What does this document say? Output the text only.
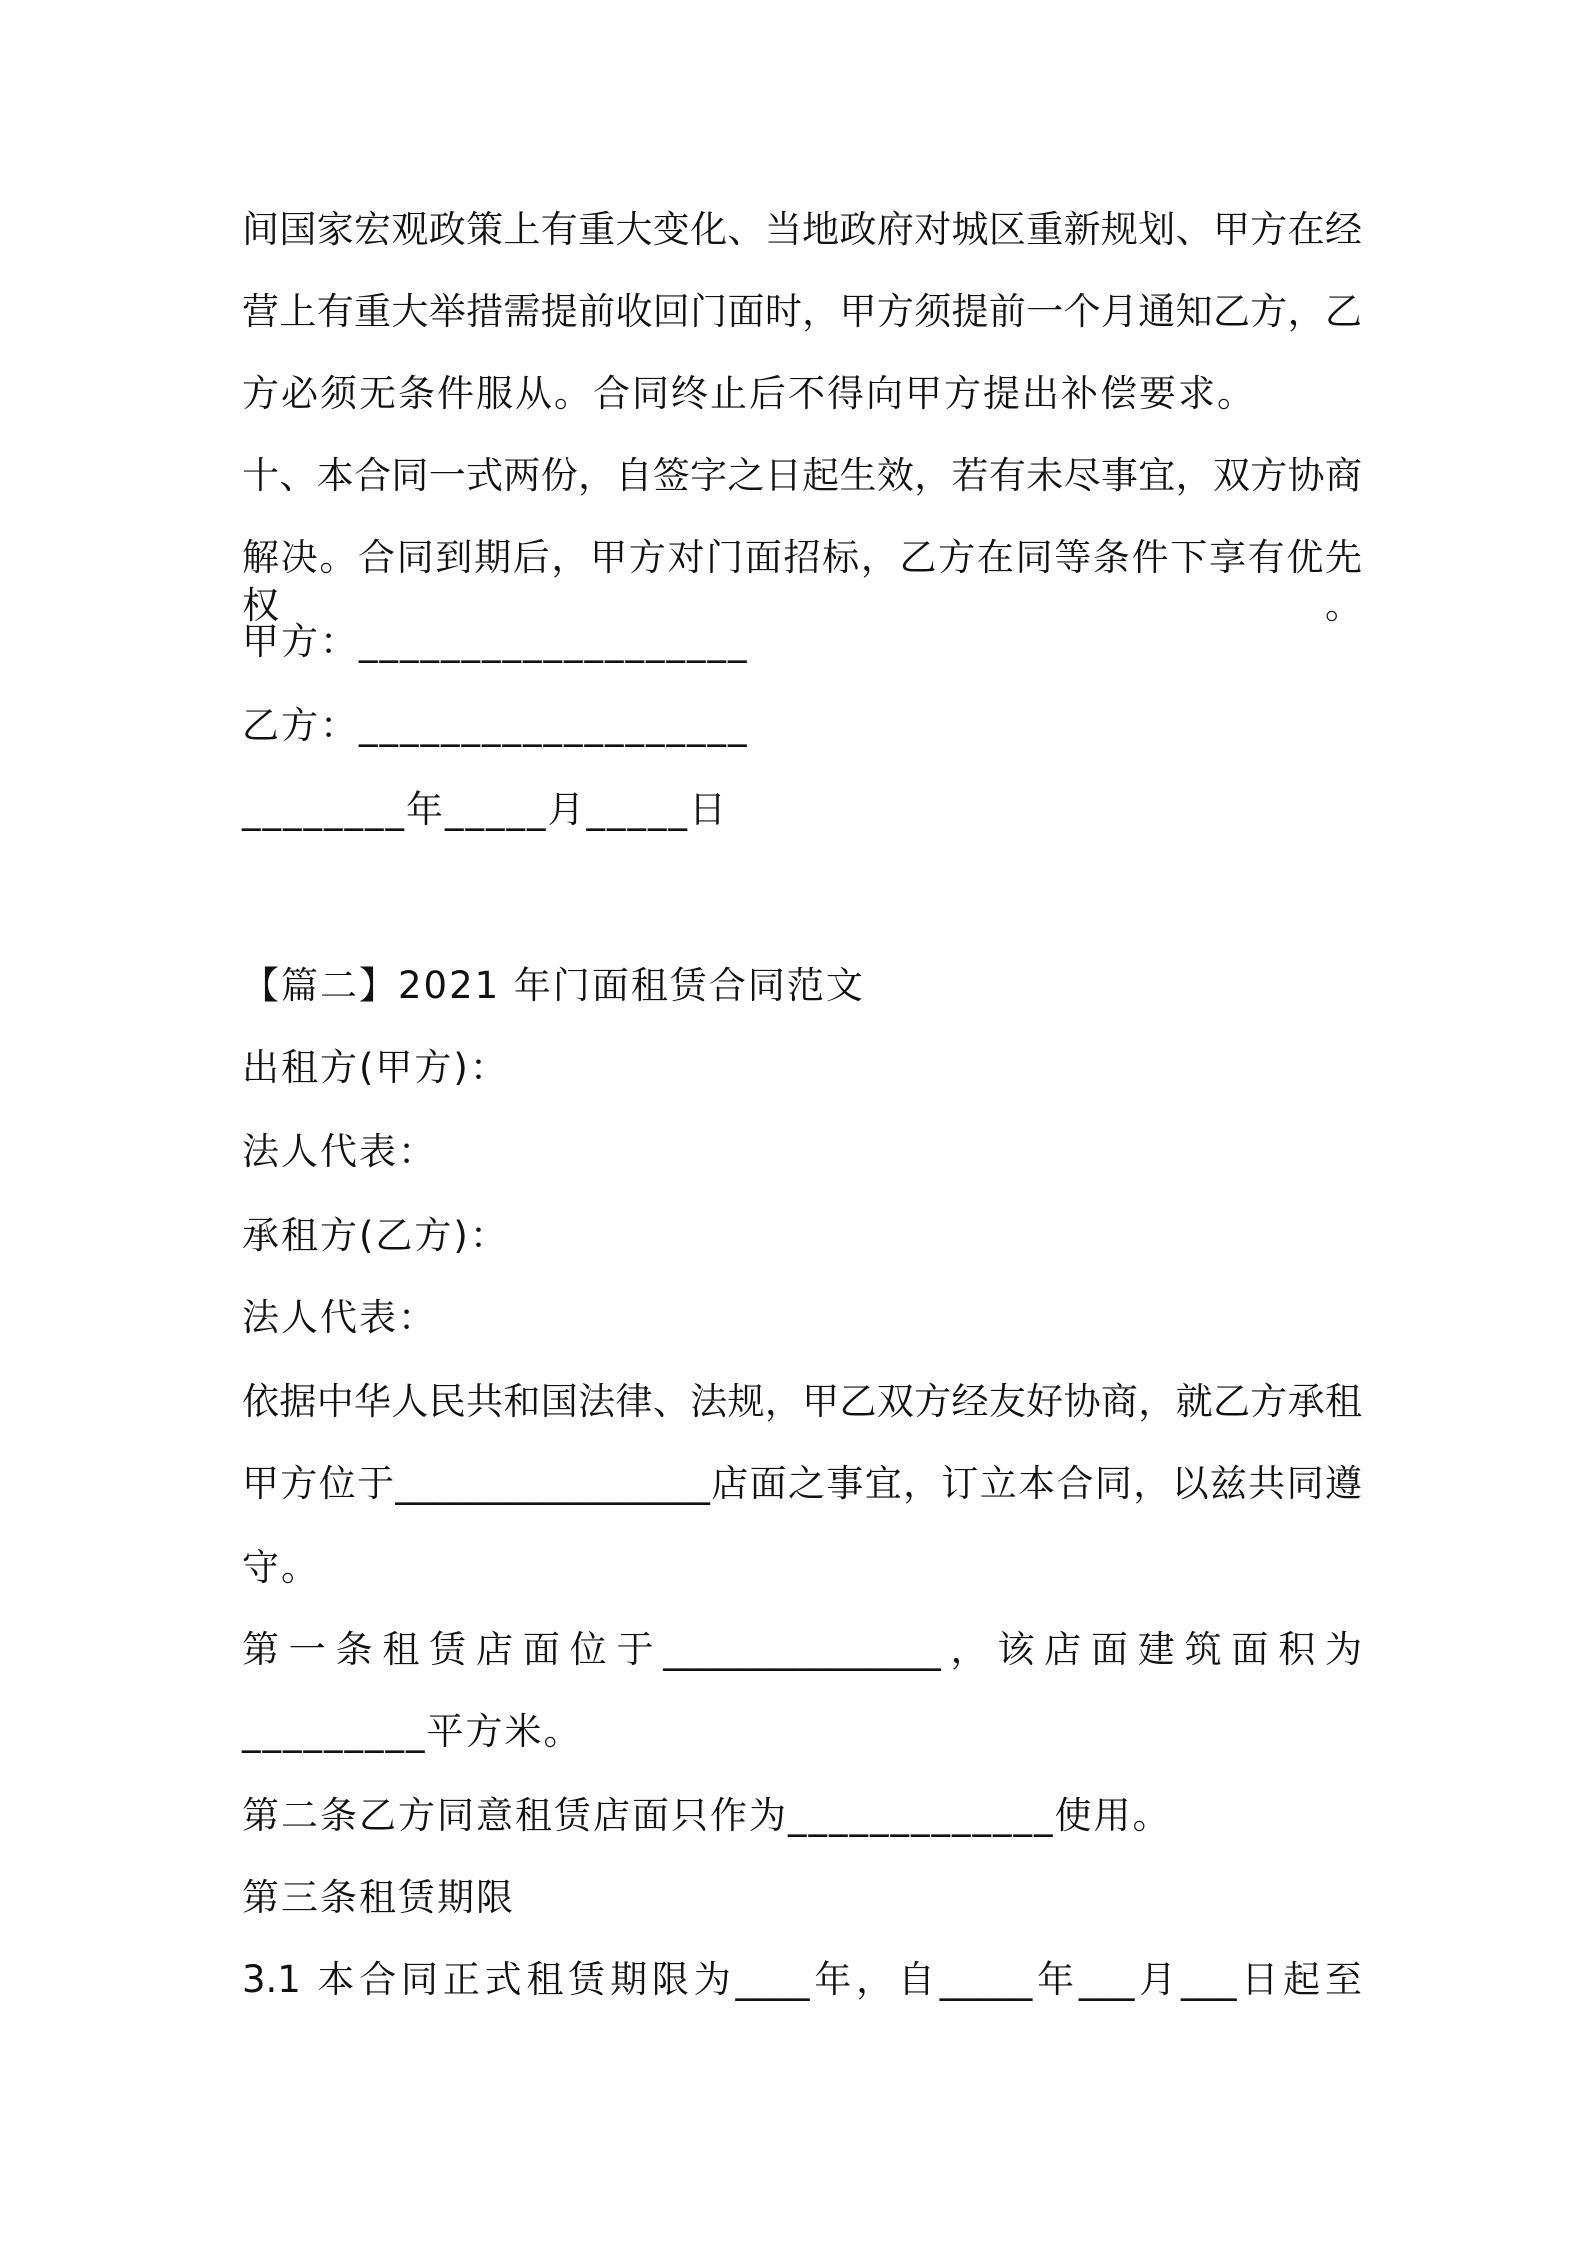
间国家宏观政策上有重大变化、当地政府对城区重新规划、甲方在经
营上有重大举措需提前收回门面时，甲方须提前一个月通知乙方，乙
方必须无条件服从。合同终止后不得向甲方提出补偿要求。
十、本合同一式两份，自签字之日起生效，若有未尽事宜，双方协商
解决。合同到期后，甲方对门面招标，乙方在同等条件下享有优先权。
甲方：___________________
乙方：___________________
________年_____月_____日
【篇二】2021 年门面租赁合同范文
出租方(甲方)：
法人代表：
承租方(乙方)：
法人代表：
依据中华人民共和国法律、法规，甲乙双方经友好协商，就乙方承租
甲方位于_________________店面之事宜，订立本合同，以兹共同遵
守。
第一条租赁店面位于_______________，该店面建筑面积为
_________平方米。
第二条乙方同意租赁店面只作为_____________使用。
第三条租赁期限
3.1 本合同正式租赁期限为____年，自_____年___月___日起至
